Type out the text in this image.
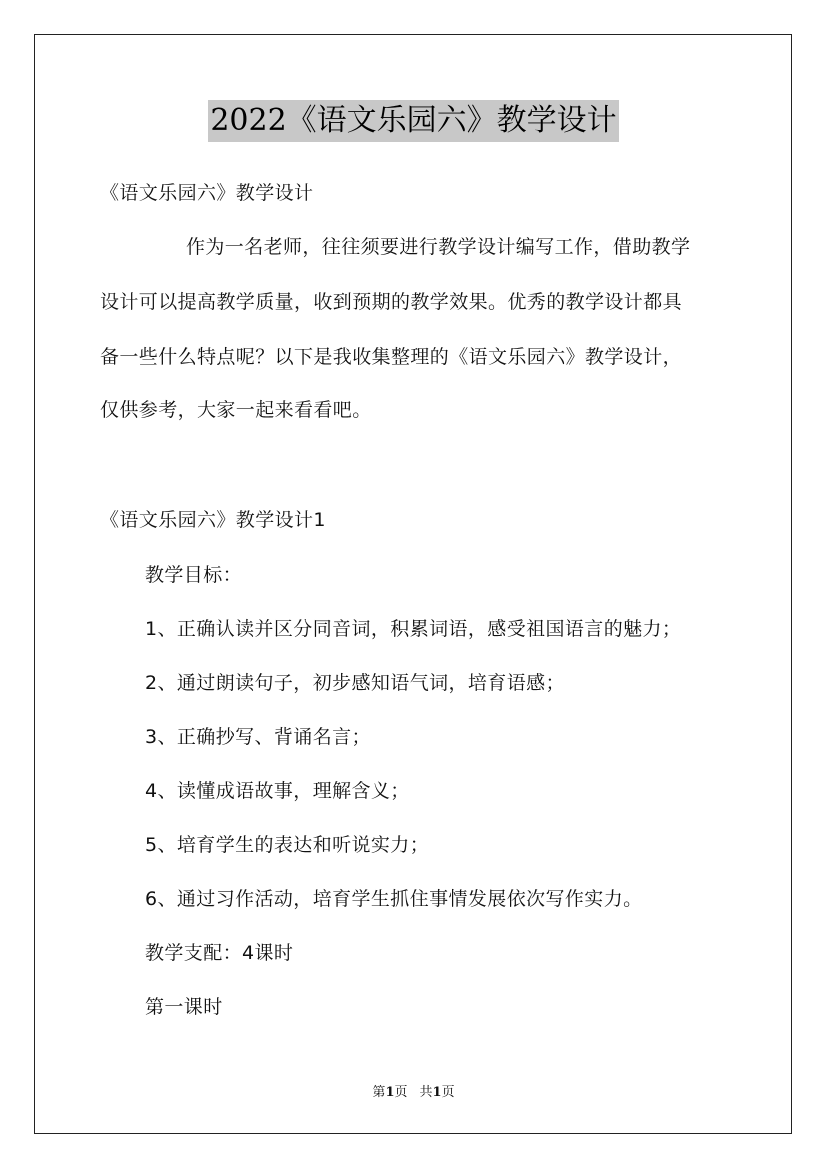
2022《语文乐园六》教学设计
《语文乐园六》教学设计
作为一名老师，往往须要进行教学设计编写工作，借助教学
设计可以提高教学质量，收到预期的教学效果。优秀的教学设计都具
备一些什么特点呢？以下是我收集整理的《语文乐园六》教学设计，
仅供参考，大家一起来看看吧。
《语文乐园六》教学设计1
教学目标：
1、正确认读并区分同音词，积累词语，感受祖国语言的魅力；
2、通过朗读句子，初步感知语气词，培育语感；
3、正确抄写、背诵名言；
4、读懂成语故事，理解含义；
5、培育学生的表达和听说实力；
6、通过习作活动，培育学生抓住事情发展依次写作实力。
教学支配：4课时
第一课时
第1页 共1页
